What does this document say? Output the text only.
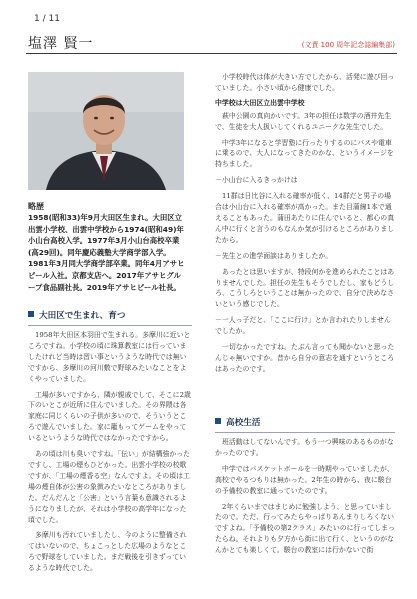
1 / 11
塩澤 賢一	(文責 100 周年記念誌編集部)
略歴
1958(昭和33)年9月大田区生まれ。大田区立出雲小学校、出雲中学校から1974(昭和49)年小山台高校入学。1977年3月小山台高校卒業 (高29回)。同年慶応義塾大学商学部入学。1981年3月同大学商学部卒業。同年4月アサヒビール入社。京都支店へ。2017年アサヒグループ食品副社長。2019年アサヒビール社長。
大田区で生まれ、育つ

1958年大田区本羽田で生まれる。多摩川に近いところですね。小学校の頃に珠算教室には行っていましたけれど当時は習い事というような時代では無いですから、多摩川の河川敷で野球みたいなことをよくやっていました。

工場が多いですから、隣が親戚でして、そこに2歳下のいとこが近所に住んでいました。その界隈は各家庭に同じくらいの子供が多いので、そういうところで遊んでいました。家に籠もってゲームをやっているというような時代ではなかったですから。

あの頃は川も臭いですね。「伝い」が結構強かったですし、工場の煙もひどかった。出雲小学校の校歌ですが、「工場の煙香る空」なんですよ。その頃は工場の煙自体が公害の象徴みたいなところがありました。だんだんと「公害」という言葉も意識されるようになりましたが、それは小学校の高学年になった頃でした。

多摩川も汚れていましたし、今のように整備されてはいないので、ちょこっとした広場のようなところで野球をしていました。まだ戦後を引きずっているような時代でした。

小学校時代は体が大きい方でしたから、活発に遊び回っていました。小さい頃から健康でした。

中学校は大田区立出雲中学校

萩中公園の真向かいです。3年の担任は数学の酒井先生で、生徒を大人扱いしてくれるユニークな先生でした。

中学3年になると学習塾に行ったりするのにバスや電車に乗るので、大人になってきたのかな、というイメージを持ちました。

－小山台に入るきっかけは

11群は日比谷に入れる確率が低く、14群だと男子の場合は小山台に入れる確率が高かった。また目蒲線1本で通えることもあった。蒲田あたりに住んでいると、都心の真ん中に行くと言うのもなんか気が引けるところがありましたから。

－先生との進学面談はありましたか。

あったとは思いますが、特段何かを進められたことはありませんでした。担任の先生もそうでしたし、家もどうしろ、こうしろということは無かったので、自分で決めなさいという感じでした。

－一人っ子だと、「ここに行け」とか言われたりしませんでしたか。

一切なかったですね。たぶん言っても聞かないと思ったんじゃ無いですか。昔から自分の意志を通すというところはあったのです。

高校生活

班活動はしてないんです。もう一つ興味のあるものがなかったのです。

中学ではバスケットボールを一時期やっていましたが、高校でやるつもりは無かった。2年生の時から、夜に駿台の予備校の教室に通っていたのです。

2年くらいまではまじめに勉強しよう、と思っていましたので。ただ、行ってみたらやっぱりあんまりしろくないですよね。「予備校の第2クラス」みたいのに行ってしまったらね。それよりも夕方から街に出て行く、というのがなんかとても楽しくて。駿台の教室には行かないで街
